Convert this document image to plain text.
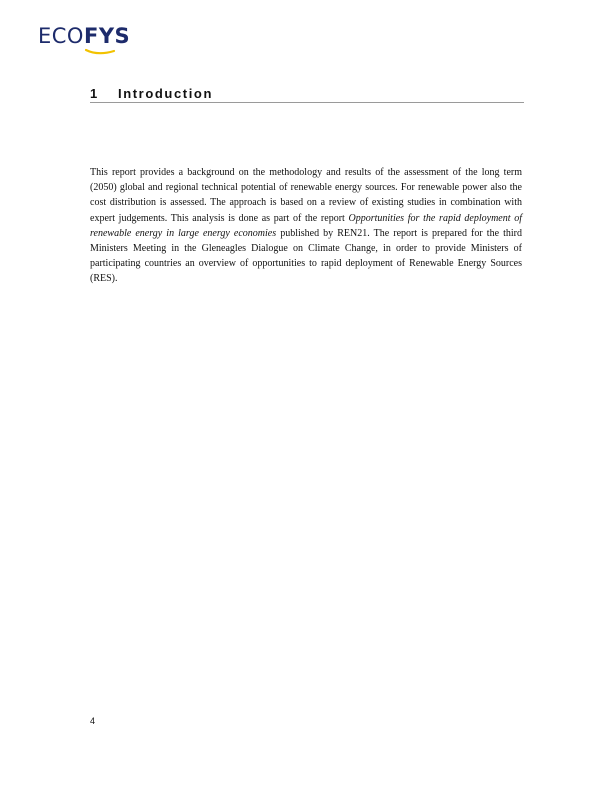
ECOFYS
1 Introduction

This report provides a background on the methodology and results of the assessment of the long term (2050) global and regional technical potential of renewable energy sources. For renewable power also the cost distribution is assessed. The approach is based on a review of existing studies in combination with expert judgements. This analysis is done as part of the report Opportunities for the rapid deployment of renewable energy in large energy economies published by REN21. The report is prepared for the third Ministers Meeting in the Gleneagles Dialogue on Climate Change, in order to provide Ministers of participating countries an overview of opportunities to rapid deployment of Renewable Energy Sources (RES).

4
